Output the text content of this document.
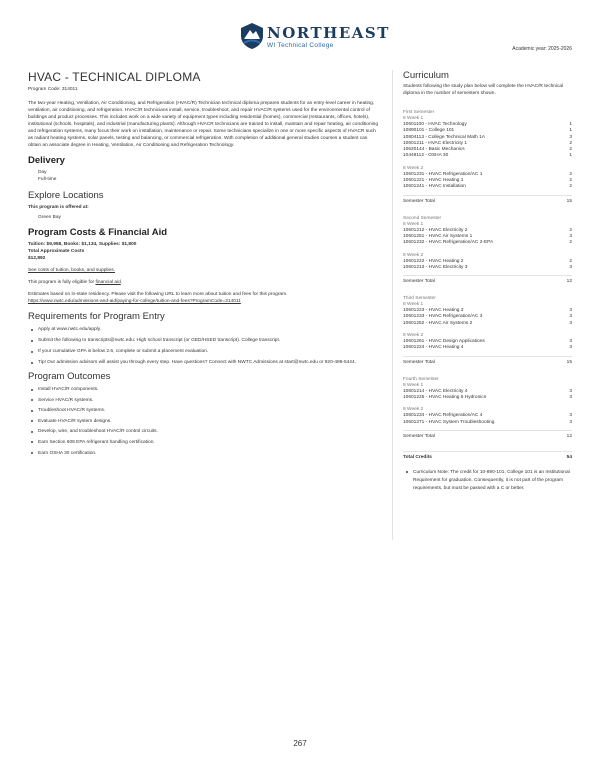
NORTHEAST
WI Technical College	Academic year: 2025-2026
HVAC - TECHNICAL DIPLOMA
Program Code: 314011
The two-year Heating, Ventilation, Air Conditioning, and Refrigeration (HVAC/R) Technician technical diploma prepares students for an entry-level career in heating, ventilation, air conditioning, and refrigeration. HVAC/R technicians install, service, troubleshoot, and repair HVAC/R systems used for the environmental control of buildings and product processes. This includes work on a wide variety of equipment types including residential (homes), commercial (restaurants, offices, hotels), institutional (schools, hospitals), and industrial (manufacturing plants). Although HVACR technicians are trained to install, maintain and repair heating, air conditioning and refrigeration systems, many focus their work on installation, maintenance or repair. Some technicians specialize in one or more specific aspects of HVACR such as radiant heating systems, solar panels, testing and balancing, or commercial refrigeration. With completion of additional general studies courses a student can obtain an associate degree in Heating, Ventilation, Air Conditioning and Refrigeration Technology.
Delivery
Day
Full-time
Explore Locations
This program is offered at:
Green Bay
Program Costs & Financial Aid
Tuition: $9,958, Books: $1,134, Supplies: $1,800
Total Approximate Costs
$12,892
See costs of tuition, books, and supplies.
This program is fully eligible for financial aid.
Estimates based on in-state residency. Please visit the following URL to learn more about tuition and fees for this program.
https://www.nwtc.edu/admissions-and-aid/paying-for-college/tuition-and-fees?ProgramCode=314011
Requirements for Program Entry
Apply at www.nwtc.edu/apply.
Submit the following to transcripts@nwtc.edu: High school transcript (or GED/HSED transcript). College transcript.
If your cumulative GPA is below 2.6, complete or submit a placement evaluation.
Tip! Our admission advisors will assist you through every step. Have questions? Connect with NWTC Admissions at start@nwtc.edu or 920-498-5444.
Program Outcomes
Install HVAC/R components.
Service HVAC/R systems.
Troubleshoot HVAC/R systems.
Evaluate HVAC/R system designs.
Develop, wire, and troubleshoot HVAC/R control circuits.
Earn Section 608 EPA refrigerant handling certification.
Earn OSHA 30 certification.
Curriculum
Students following the study plan below will complete the HVAC/R technical diploma in the number of semesters shown.
First Semester
8 Week 1
10601100 - HVAC Technology	1
10890101 - College 101	1
10804113 - College Technical Math 1A	3
10601211 - HVAC Electricity 1	2
10620144 - Basic Mechanics	2
10449112 - OSHA 30	1
8 Week 2
10601231 - HVAC Refrigeration/AC 1	2
10601221 - HVAC Heating 1	2
10601241 - HVAC Installation	2
Semester Total	15
Second Semester
8 Week 1
10601212 - HVAC Electricity 2	2
10601251 - HVAC Air Systems 1	3
10601232 - HVAC Refrigeration/AC 2-EPA	2
8 Week 2
10601222 - HVAC Heating 2	2
10601213 - HVAC Electricity 3	3
Semester Total	12
Third Semester
8 Week 1
10601223 - HVAC Heating 3	3
10601233 - HVAC Refrigeration/AC 3	3
10601252 - HVAC Air Systems 2	3
8 Week 2
10601261 - HVAC Design Applications	3
10601224 - HVAC Heating 4	3
Semester Total	15
Fourth Semester
8 Week 1
10601214 - HVAC Electricity 4	3
10601225 - HVAC Heating 5 Hydronics	3
8 Week 2
10601234 - HVAC Refrigeration/AC 4	3
10601271 - HVAC System Troubleshooting	3
Semester Total	12
Total Credits	54
Curriculum Note: The credit for 10-890-101, College 101 is an Institutional Requirement for graduation. Consequently, it is not part of the program requirements, but must be passed with a C or better.
267
